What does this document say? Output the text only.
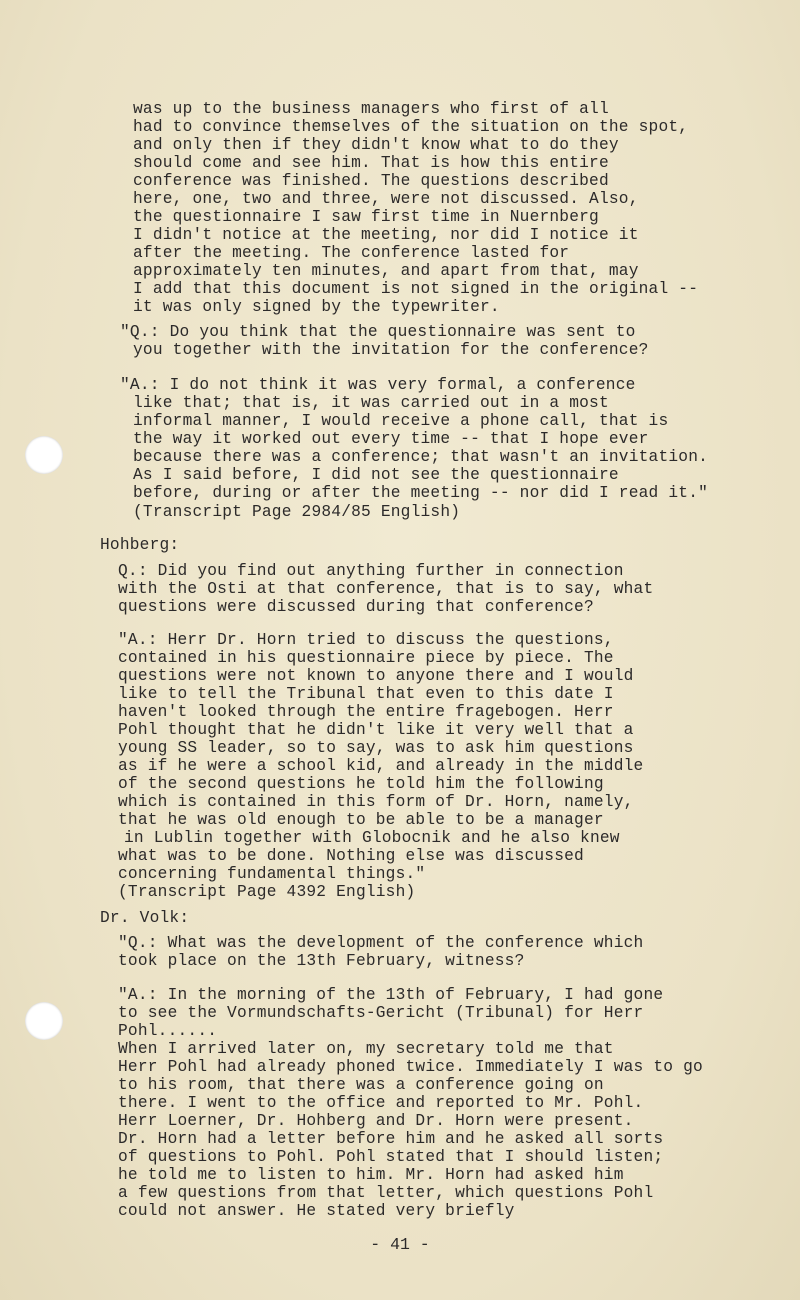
was up to the business managers who first of all
had to convince themselves of the situation on the spot,
and only then if they didn't know what to do they
should come and see him. That is how this entire
conference was finished. The questions described
here, one, two and three, were not discussed. Also,
the questionnaire I saw first time in Nuernberg
I didn't notice at the meeting, nor did I notice it
after the meeting. The conference lasted for
approximately ten minutes, and apart from that, may
I add that this document is not signed in the original --
it was only signed by the typewriter.
"Q.: Do you think that the questionnaire was sent to
you together with the invitation for the conference?
"A.: I do not think it was very formal, a conference
like that; that is, it was carried out in a most
informal manner, I would receive a phone call, that is
the way it worked out every time -- that I hope ever
because there was a conference; that wasn't an invitation.
As I said before, I did not see the questionnaire
before, during or after the meeting -- nor did I read it."
(Transcript Page 2984/85 English)
Hohberg:
Q.: Did you find out anything further in connection
with the Osti at that conference, that is to say, what
questions were discussed during that conference?
"A.: Herr Dr. Horn tried to discuss the questions,
contained in his questionnaire piece by piece. The
questions were not known to anyone there and I would
like to tell the Tribunal that even to this date I
haven't looked through the entire fragebogen. Herr
Pohl thought that he didn't like it very well that a
young SS leader, so to say, was to ask him questions
as if he were a school kid, and already in the middle
of the second questions he told him the following
which is contained in this form of Dr. Horn, namely,
that he was old enough to be able to be a manager
in Lublin together with Globocnik and he also knew
what was to be done. Nothing else was discussed
concerning fundamental things."
(Transcript Page 4392 English)
Dr. Volk:
"Q.: What was the development of the conference which
took place on the 13th February, witness?
"A.: In the morning of the 13th of February, I had gone
to see the Vormundschafts-Gericht (Tribunal) for Herr
Pohl......
When I arrived later on, my secretary told me that
Herr Pohl had already phoned twice. Immediately I was to go
to his room, that there was a conference going on
there. I went to the office and reported to Mr. Pohl.
Herr Loerner, Dr. Hohberg and Dr. Horn were present.
Dr. Horn had a letter before him and he asked all sorts
of questions to Pohl. Pohl stated that I should listen;
he told me to listen to him. Mr. Horn had asked him
a few questions from that letter, which questions Pohl
could not answer. He stated very briefly
- 41 -
